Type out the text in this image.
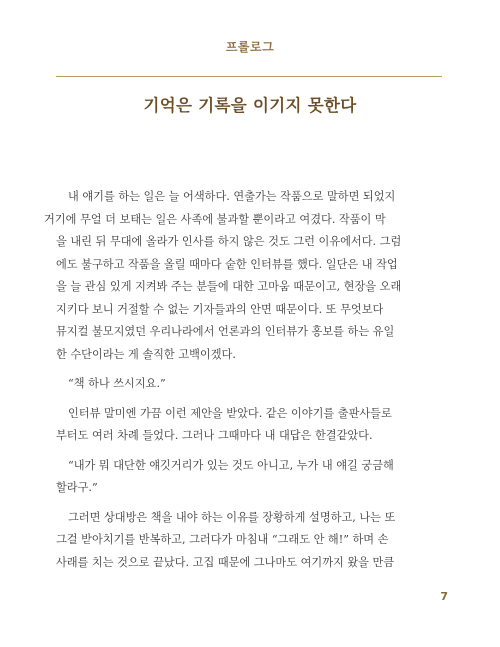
프롤로그
기억은 기록을 이기지 못한다

내 얘기를 하는 일은 늘 어색하다. 연출가는 작품으로 말하면 되었지
거기에 무얼 더 보태는 일은 사족에 불과할 뿐이라고 여겼다. 작품이 막
을 내린 뒤 무대에 올라가 인사를 하지 않은 것도 그런 이유에서다. 그럼
에도 불구하고 작품을 올릴 때마다 숱한 인터뷰를 했다. 일단은 내 작업
을 늘 관심 있게 지켜봐 주는 분들에 대한 고마움 때문이고, 현장을 오래
지키다 보니 거절할 수 없는 기자들과의 안면 때문이다. 또 무엇보다
뮤지컬 불모지였던 우리나라에서 언론과의 인터뷰가 홍보를 하는 유일
한 수단이라는 게 솔직한 고백이겠다.

“책 하나 쓰시지요.”

인터뷰 말미엔 가끔 이런 제안을 받았다. 같은 이야기를 출판사들로
부터도 여러 차례 들었다. 그러나 그때마다 내 대답은 한결같았다.

“내가 뭐 대단한 얘깃거리가 있는 것도 아니고, 누가 내 얘길 궁금해
할라구.”

그러면 상대방은 책을 내야 하는 이유를 장황하게 설명하고, 나는 또
그걸 받아치기를 반복하고, 그러다가 마침내 “그래도 안 해!” 하며 손
사래를 치는 것으로 끝났다. 고집 때문에 그나마도 여기까지 왔을 만큼

7
